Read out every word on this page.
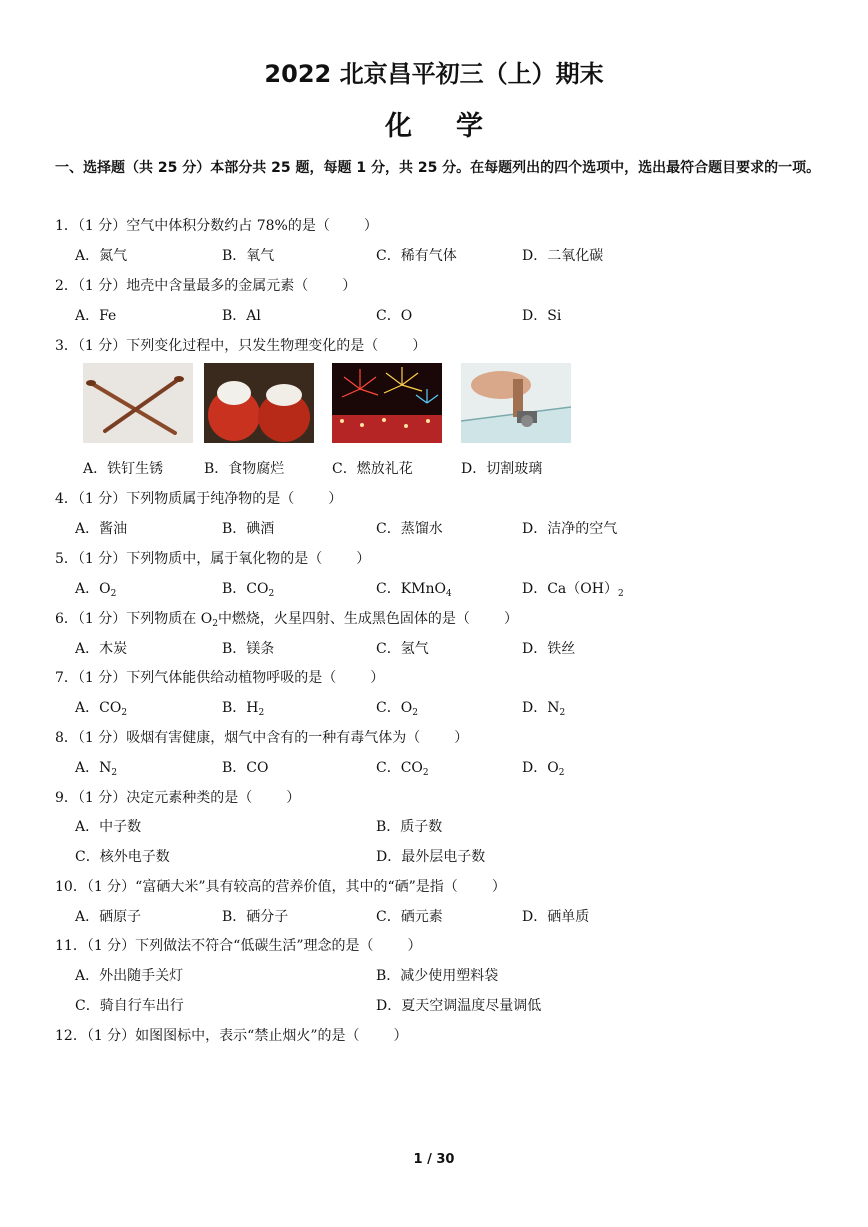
2022 北京昌平初三（上）期末
化学
一、选择题（共 25 分）本部分共 25 题，每题 1 分，共 25 分。在每题列出的四个选项中，选出最符合题目要求的一项。
1．（1 分）空气中体积分数约占 78%的是（ ）
A．氮气	B．氧气	C．稀有气体	D．二氧化碳
2．（1 分）地壳中含量最多的金属元素（ ）
A．Fe	B．Al	C．O	D．Si
3．（1 分）下列变化过程中，只发生物理变化的是（ ）
A．铁钉生锈	B．食物腐烂	C．燃放礼花	D．切割玻璃
4．（1 分）下列物质属于纯净物的是（ ）
A．酱油	B．碘酒	C．蒸馏水	D．洁净的空气
5．（1 分）下列物质中，属于氧化物的是（ ）
A．$O_2$	B．$CO_2$	C．KMnO$_4$	D．$Ca(OH)_2$
6．（1 分）下列物质在 $O_2$中燃烧，火星四射、生成黑色固体的是（ ）
A．木炭	B．镁条	C．氢气	D．铁丝
7．（1 分）下列气体能供给动植物呼吸的是（ ）
A．$CO_2$	B．$H_2$	C．$O_2$	D．$N_2$
8．（1 分）吸烟有害健康，烟气中含有的一种有毒气体为（ ）
A．$N_2$	B．CO	C．$CO_2$	D．$O_2$
9．（1 分）决定元素种类的是（ ）
A．中子数	B．质子数
C．核外电子数	D．最外层电子数
10．（1 分）“富硒大米”具有较高的营养价值，其中的“硒”是指（ ）
A．硒原子	B．硒分子	C．硒元素	D．硒单质
11．（1 分）下列做法不符合“低碳生活”理念的是（ ）
A．外出随手关灯	B．减少使用塑料袋
C．骑自行车出行	D．夏天空调温度尽量调低
12．（1 分）如图图标中，表示“禁止烟火”的是（ ）
1 / 30
